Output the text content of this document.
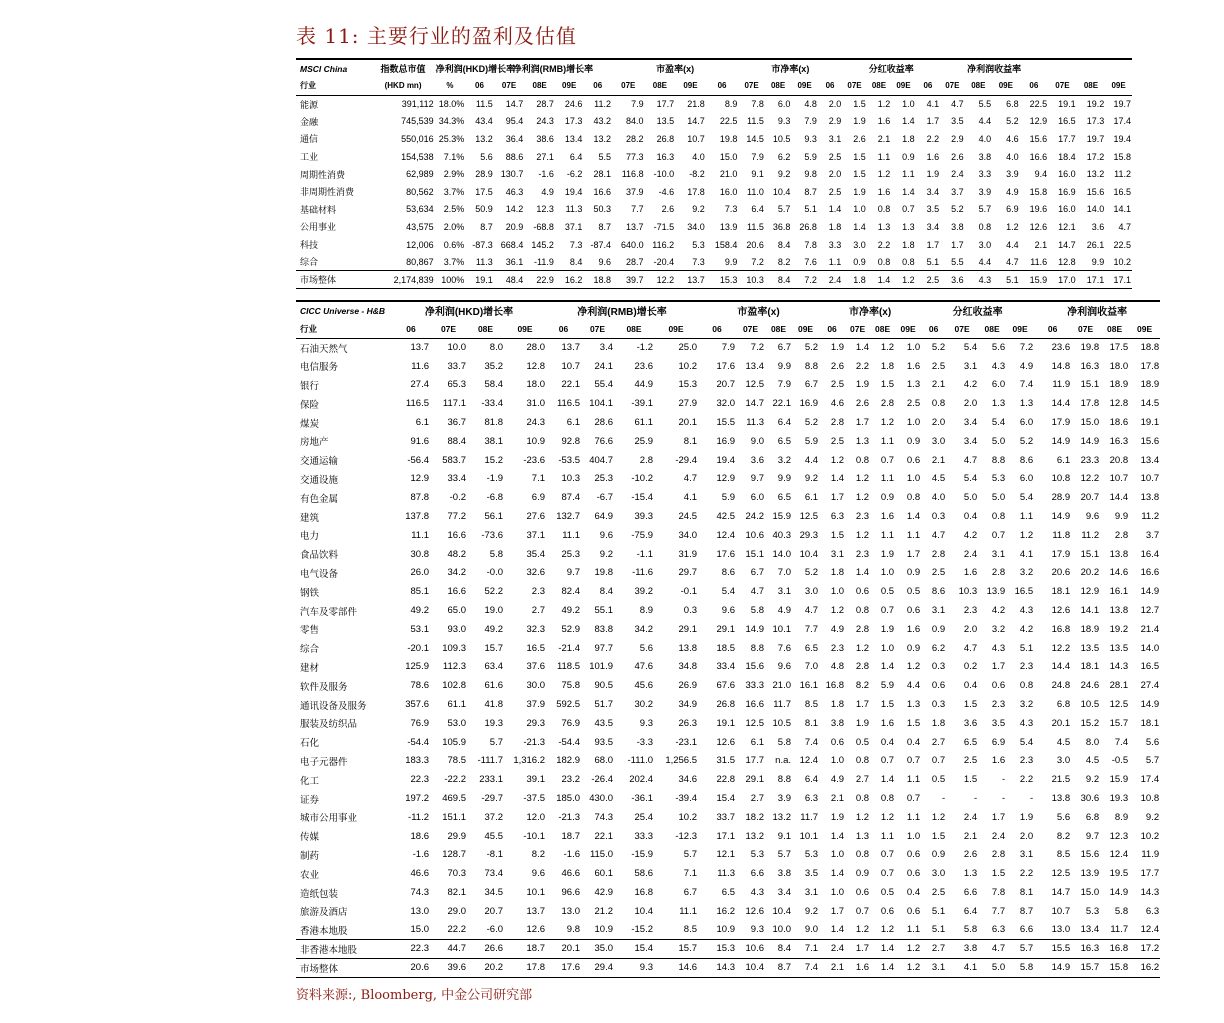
表 11: 主要行业的盈利及估值
MSCI China	指数总市值	净利润(HKD)增长率		净利润(RMB)增长率				市盈率(x)				市净率(x)				分红收益率				净利润收益率						
行业	(HKD mn)	%	06	07E	08E	09E	06	07E	08E	09E	06	07E	08E	09E	06	07E	08E	09E	06	07E	08E	09E	06	07E	08E	09E
能源	391,112	18.0%	11.5	14.7	28.7	24.6	11.2	7.9	17.7	21.8	8.9	7.8	6.0	4.8	2.0	1.5	1.2	1.0	4.1	4.7	5.5	6.8	22.5	19.1	19.2	19.7
金融	745,539	34.3%	43.4	95.4	24.3	17.3	43.2	84.0	13.5	14.7	22.5	11.5	9.3	7.9	2.9	1.9	1.6	1.4	1.7	3.5	4.4	5.2	12.9	16.5	17.3	17.4
通信	550,016	25.3%	13.2	36.4	38.6	13.4	13.2	28.2	26.8	10.7	19.8	14.5	10.5	9.3	3.1	2.6	2.1	1.8	2.2	2.9	4.0	4.6	15.6	17.7	19.7	19.4
工业	154,538	7.1%	5.6	88.6	27.1	6.4	5.5	77.3	16.3	4.0	15.0	7.9	6.2	5.9	2.5	1.5	1.1	0.9	1.6	2.6	3.8	4.0	16.6	18.4	17.2	15.8
周期性消费	62,989	2.9%	28.9	130.7	-1.6	-6.2	28.1	116.8	-10.0	-8.2	21.0	9.1	9.2	9.8	2.0	1.5	1.2	1.1	1.9	2.4	3.3	3.9	9.4	16.0	13.2	11.2
非周期性消费	80,562	3.7%	17.5	46.3	4.9	19.4	16.6	37.9	-4.6	17.8	16.0	11.0	10.4	8.7	2.5	1.9	1.6	1.4	3.4	3.7	3.9	4.9	15.8	16.9	15.6	16.5
基础材料	53,634	2.5%	50.9	14.2	12.3	11.3	50.3	7.7	2.6	9.2	7.3	6.4	5.7	5.1	1.4	1.0	0.8	0.7	3.5	5.2	5.7	6.9	19.6	16.0	14.0	14.1
公用事业	43,575	2.0%	8.7	20.9	-68.8	37.1	8.7	13.7	-71.5	34.0	13.9	11.5	36.8	26.8	1.8	1.4	1.3	1.3	3.4	3.8	0.8	1.2	12.6	12.1	3.6	4.7
科技	12,006	0.6%	-87.3	668.4	145.2	7.3	-87.4	640.0	116.2	5.3	158.4	20.6	8.4	7.8	3.3	3.0	2.2	1.8	1.7	1.7	3.0	4.4	2.1	14.7	26.1	22.5
综合	80,867	3.7%	11.3	36.1	-11.9	8.4	9.6	28.7	-20.4	7.3	9.9	7.2	8.2	7.6	1.1	0.9	0.8	0.8	5.1	5.5	4.4	4.7	11.6	12.8	9.9	10.2
市场整体	2,174,839	100%	19.1	48.4	22.9	16.2	18.8	39.7	12.2	13.7	15.3	10.3	8.4	7.2	2.4	1.8	1.4	1.2	2.5	3.6	4.3	5.1	15.9	17.0	17.1	17.1
CICC Universe - H&B	净利润(HKD)增长率				净利润(RMB)增长率				市盈率(x)				市净率(x)				分红收益率				净利润收益率			
行业	06	07E	08E	09E	06	07E	08E	09E	06	07E	08E	09E	06	07E	08E	09E	06	07E	08E	09E	06	07E	08E	09E
石油天然气	13.7	10.0	8.0	28.0	13.7	3.4	-1.2	25.0	7.9	7.2	6.7	5.2	1.9	1.4	1.2	1.0	5.2	5.4	5.6	7.2	23.6	19.8	17.5	18.8
电信服务	11.6	33.7	35.2	12.8	10.7	24.1	23.6	10.2	17.6	13.4	9.9	8.8	2.6	2.2	1.8	1.6	2.5	3.1	4.3	4.9	14.8	16.3	18.0	17.8
银行	27.4	65.3	58.4	18.0	22.1	55.4	44.9	15.3	20.7	12.5	7.9	6.7	2.5	1.9	1.5	1.3	2.1	4.2	6.0	7.4	11.9	15.1	18.9	18.9
保险	116.5	117.1	-33.4	31.0	116.5	104.1	-39.1	27.9	32.0	14.7	22.1	16.9	4.6	2.6	2.8	2.5	0.8	2.0	1.3	1.3	14.4	17.8	12.8	14.5
煤炭	6.1	36.7	81.8	24.3	6.1	28.6	61.1	20.1	15.5	11.3	6.4	5.2	2.8	1.7	1.2	1.0	2.0	3.4	5.4	6.0	17.9	15.0	18.6	19.1
房地产	91.6	88.4	38.1	10.9	92.8	76.6	25.9	8.1	16.9	9.0	6.5	5.9	2.5	1.3	1.1	0.9	3.0	3.4	5.0	5.2	14.9	14.9	16.3	15.6
交通运输	-56.4	583.7	15.2	-23.6	-53.5	404.7	2.8	-29.4	19.4	3.6	3.2	4.4	1.2	0.8	0.7	0.6	2.1	4.7	8.8	8.6	6.1	23.3	20.8	13.4
交通设施	12.9	33.4	-1.9	7.1	10.3	25.3	-10.2	4.7	12.9	9.7	9.9	9.2	1.4	1.2	1.1	1.0	4.5	5.4	5.3	6.0	10.8	12.2	10.7	10.7
有色金属	87.8	-0.2	-6.8	6.9	87.4	-6.7	-15.4	4.1	5.9	6.0	6.5	6.1	1.7	1.2	0.9	0.8	4.0	5.0	5.0	5.4	28.9	20.7	14.4	13.8
建筑	137.8	77.2	56.1	27.6	132.7	64.9	39.3	24.5	42.5	24.2	15.9	12.5	6.3	2.3	1.6	1.4	0.3	0.4	0.8	1.1	14.9	9.6	9.9	11.2
电力	11.1	16.6	-73.6	37.1	11.1	9.6	-75.9	34.0	12.4	10.6	40.3	29.3	1.5	1.2	1.1	1.1	4.7	4.2	0.7	1.2	11.8	11.2	2.8	3.7
食品饮料	30.8	48.2	5.8	35.4	25.3	9.2	-1.1	31.9	17.6	15.1	14.0	10.4	3.1	2.3	1.9	1.7	2.8	2.4	3.1	4.1	17.9	15.1	13.8	16.4
电气设备	26.0	34.2	-0.0	32.6	9.7	19.8	-11.6	29.7	8.6	6.7	7.0	5.2	1.8	1.4	1.0	0.9	2.5	1.6	2.8	3.2	20.6	20.2	14.6	16.6
钢铁	85.1	16.6	52.2	2.3	82.4	8.4	39.2	-0.1	5.4	4.7	3.1	3.0	1.0	0.6	0.5	0.5	8.6	10.3	13.9	16.5	18.1	12.9	16.1	14.9
汽车及零部件	49.2	65.0	19.0	2.7	49.2	55.1	8.9	0.3	9.6	5.8	4.9	4.7	1.2	0.8	0.7	0.6	3.1	2.3	4.2	4.3	12.6	14.1	13.8	12.7
零售	53.1	93.0	49.2	32.3	52.9	83.8	34.2	29.1	29.1	14.9	10.1	7.7	4.9	2.8	1.9	1.6	0.9	2.0	3.2	4.2	16.8	18.9	19.2	21.4
综合	-20.1	109.3	15.7	16.5	-21.4	97.7	5.6	13.8	18.5	8.8	7.6	6.5	2.3	1.2	1.0	0.9	6.2	4.7	4.3	5.1	12.2	13.5	13.5	14.0
建材	125.9	112.3	63.4	37.6	118.5	101.9	47.6	34.8	33.4	15.6	9.6	7.0	4.8	2.8	1.4	1.2	0.3	0.2	1.7	2.3	14.4	18.1	14.3	16.5
软件及服务	78.6	102.8	61.6	30.0	75.8	90.5	45.6	26.9	67.6	33.3	21.0	16.1	16.8	8.2	5.9	4.4	0.6	0.4	0.6	0.8	24.8	24.6	28.1	27.4
通讯设备及服务	357.6	61.1	41.8	37.9	592.5	51.7	30.2	34.9	26.8	16.6	11.7	8.5	1.8	1.7	1.5	1.3	0.3	1.5	2.3	3.2	6.8	10.5	12.5	14.9
服装及纺织品	76.9	53.0	19.3	29.3	76.9	43.5	9.3	26.3	19.1	12.5	10.5	8.1	3.8	1.9	1.6	1.5	1.8	3.6	3.5	4.3	20.1	15.2	15.7	18.1
石化	-54.4	105.9	5.7	-21.3	-54.4	93.5	-3.3	-23.1	12.6	6.1	5.8	7.4	0.6	0.5	0.4	0.4	2.7	6.5	6.9	5.4	4.5	8.0	7.4	5.6
电子元器件	183.3	78.5	-111.7	1,316.2	182.9	68.0	-111.0	1,256.5	31.5	17.7	n.a.	12.4	1.0	0.8	0.7	0.7	0.7	2.5	1.6	2.3	3.0	4.5	-0.5	5.7
化工	22.3	-22.2	233.1	39.1	23.2	-26.4	202.4	34.6	22.8	29.1	8.8	6.4	4.9	2.7	1.4	1.1	0.5	1.5	-	2.2	21.5	9.2	15.9	17.4
证券	197.2	469.5	-29.7	-37.5	185.0	430.0	-36.1	-39.4	15.4	2.7	3.9	6.3	2.1	0.8	0.8	0.7	-	-	-	-	13.8	30.6	19.3	10.8
城市公用事业	-11.2	151.1	37.2	12.0	-21.3	74.3	25.4	10.2	33.7	18.2	13.2	11.7	1.9	1.2	1.2	1.1	1.2	2.4	1.7	1.9	5.6	6.8	8.9	9.2
传媒	18.6	29.9	45.5	-10.1	18.7	22.1	33.3	-12.3	17.1	13.2	9.1	10.1	1.4	1.3	1.1	1.0	1.5	2.1	2.4	2.0	8.2	9.7	12.3	10.2
制药	-1.6	128.7	-8.1	8.2	-1.6	115.0	-15.9	5.7	12.1	5.3	5.7	5.3	1.0	0.8	0.7	0.6	0.9	2.6	2.8	3.1	8.5	15.6	12.4	11.9
农业	46.6	70.3	73.4	9.6	46.6	60.1	58.6	7.1	11.3	6.6	3.8	3.5	1.4	0.9	0.7	0.6	3.0	1.3	1.5	2.2	12.5	13.9	19.5	17.7
造纸包装	74.3	82.1	34.5	10.1	96.6	42.9	16.8	6.7	6.5	4.3	3.4	3.1	1.0	0.6	0.5	0.4	2.5	6.6	7.8	8.1	14.7	15.0	14.9	14.3
旅游及酒店	13.0	29.0	20.7	13.7	13.0	21.2	10.4	11.1	16.2	12.6	10.4	9.2	1.7	0.7	0.6	0.6	5.1	6.4	7.7	8.7	10.7	5.3	5.8	6.3
香港本地股	15.0	22.2	-6.0	12.6	9.8	10.9	-15.2	8.5	10.9	9.3	10.0	9.0	1.4	1.2	1.2	1.1	5.1	5.8	6.3	6.6	13.0	13.4	11.7	12.4
非香港本地股	22.3	44.7	26.6	18.7	20.1	35.0	15.4	15.7	15.3	10.6	8.4	7.1	2.4	1.7	1.4	1.2	2.7	3.8	4.7	5.7	15.5	16.3	16.8	17.2
市场整体	20.6	39.6	20.2	17.8	17.6	29.4	9.3	14.6	14.3	10.4	8.7	7.4	2.1	1.6	1.4	1.2	3.1	4.1	5.0	5.8	14.9	15.7	15.8	16.2
资料来源:, Bloomberg, 中金公司研究部
